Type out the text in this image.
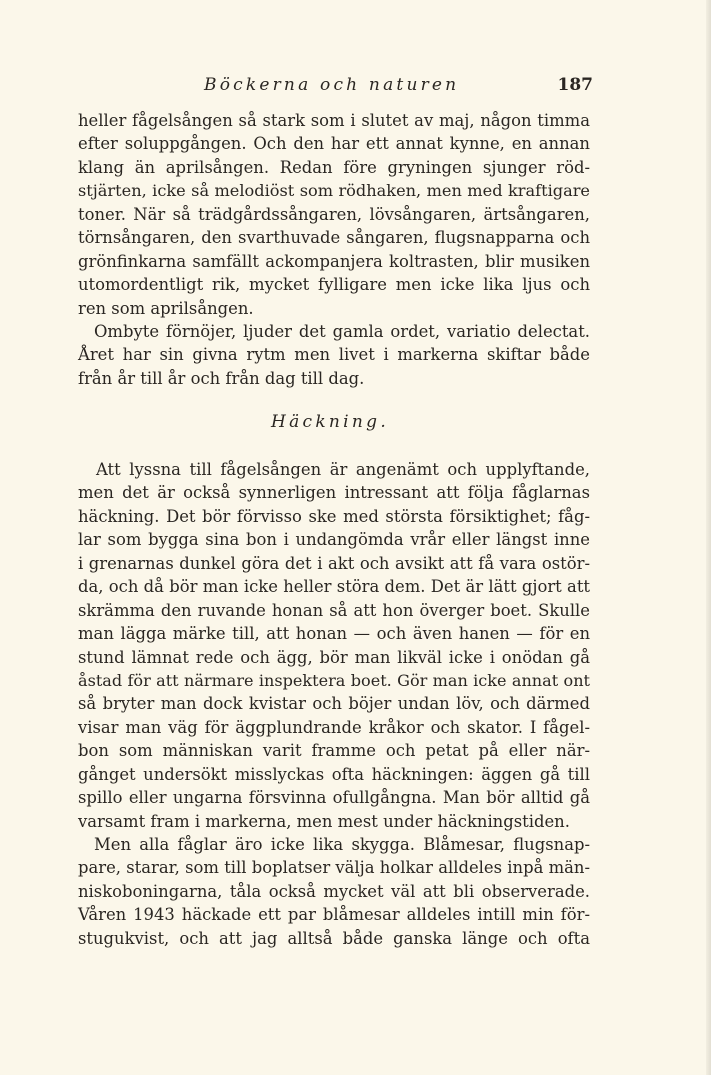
Böckerna och naturen	187
heller fågelsången så stark som i slutet av maj, någon timma
efter soluppgången. Och den har ett annat kynne, en annan
klang än aprilsången. Redan före gryningen sjunger röd-
stjärten, icke så melodiöst som rödhaken, men med kraftigare
toner. När så trädgårdssångaren, lövsångaren, ärtsångaren,
törnsångaren, den svarthuvade sångaren, flugsnapparna och
grönfinkarna samfällt ackompanjera koltrasten, blir musiken
utomordentligt rik, mycket fylligare men icke lika ljus och
ren som aprilsången.
Ombyte förnöjer, ljuder det gamla ordet, variatio delectat.
Året har sin givna rytm men livet i markerna skiftar både
från år till år och från dag till dag.
Häckning.
Att lyssna till fågelsången är angenämt och upplyftande,
men det är också synnerligen intressant att följa fåglarnas
häckning. Det bör förvisso ske med största försiktighet; fåg-
lar som bygga sina bon i undangömda vrår eller längst inne
i grenarnas dunkel göra det i akt och avsikt att få vara ostör-
da, och då bör man icke heller störa dem. Det är lätt gjort att
skrämma den ruvande honan så att hon överger boet. Skulle
man lägga märke till, att honan — och även hanen — för en
stund lämnat rede och ägg, bör man likväl icke i onödan gå
åstad för att närmare inspektera boet. Gör man icke annat ont
så bryter man dock kvistar och böjer undan löv, och därmed
visar man väg för äggplundrande kråkor och skator. I fågel-
bon som människan varit framme och petat på eller när-
gånget undersökt misslyckas ofta häckningen: äggen gå till
spillo eller ungarna försvinna ofullgångna. Man bör alltid gå
varsamt fram i markerna, men mest under häckningstiden.
Men alla fåglar äro icke lika skygga. Blåmesar, flugsnap-
pare, starar, som till boplatser välja holkar alldeles inpå män-
niskoboningarna, tåla också mycket väl att bli observerade.
Våren 1943 häckade ett par blåmesar alldeles intill min för-
stugukvist, och att jag alltså både ganska länge och ofta
